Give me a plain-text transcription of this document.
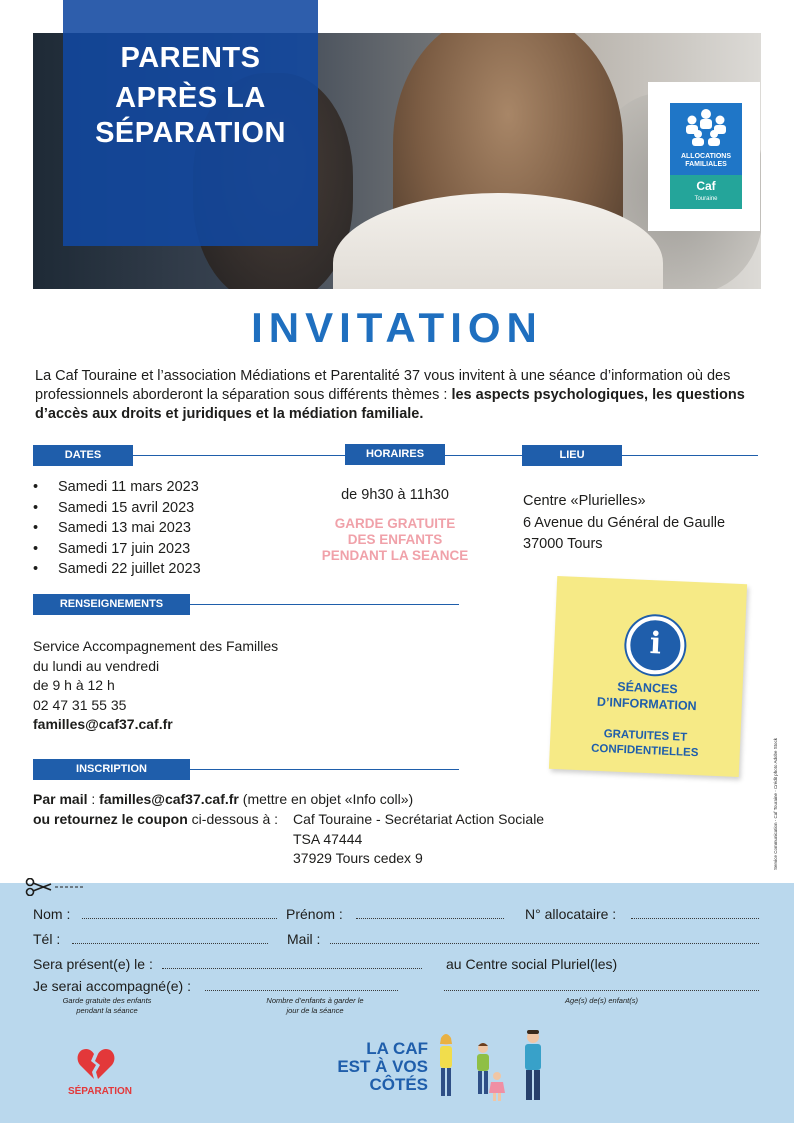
PARENTS
APRÈS LA
SÉPARATION
ALLOCATIONS
FAMILIALES
Caf
Touraine
INVITATION

La Caf Touraine et l’association Médiations et Parentalité 37 vous invitent à une séance d’information où des professionnels aborderont la séparation sous différents thèmes : les aspects psychologiques, les questions d’accès aux droits et juridiques et la médiation familiale.

DATES
• Samedi 11 mars 2023
• Samedi 15 avril 2023
• Samedi 13 mai 2023
• Samedi 17 juin 2023
• Samedi 22 juillet 2023
HORAIRES
de 9h30 à 11h30
GARDE GRATUITE
DES ENFANTS
PENDANT LA SEANCE
LIEU
Centre «Plurielles»
6 Avenue du Général de Gaulle
37000 Tours
RENSEIGNEMENTS
Service Accompagnement des Familles
du lundi au vendredi
de 9 h à 12 h
02 47 31 55 35
familles@caf37.caf.fr
i
SÉANCES
D’INFORMATION
GRATUITES ET
CONFIDENTIELLES	Service Communication - Caf Touraine - Crédit photo Adobe Stock
INSCRIPTION
Par mail : familles@caf37.caf.fr (mettre en objet «Info coll»)
ou retournez le coupon ci-dessous à :	Caf Touraine - Secrétariat Action Sociale
TSA 47444
37929 Tours cedex 9
Nom :	Prénom :	N° allocataire :
Tél :	Mail :
Sera présent(e) le :	au Centre social Pluriel(les)
Je serai accompagné(e) :
Garde gratuite des enfants
pendant la séance
Nombre d’enfants à garder le
jour de la séance
Age(s) de(s) enfant(s)
SÉPARATION
LA CAF
EST À VOS
CÔTÉS
